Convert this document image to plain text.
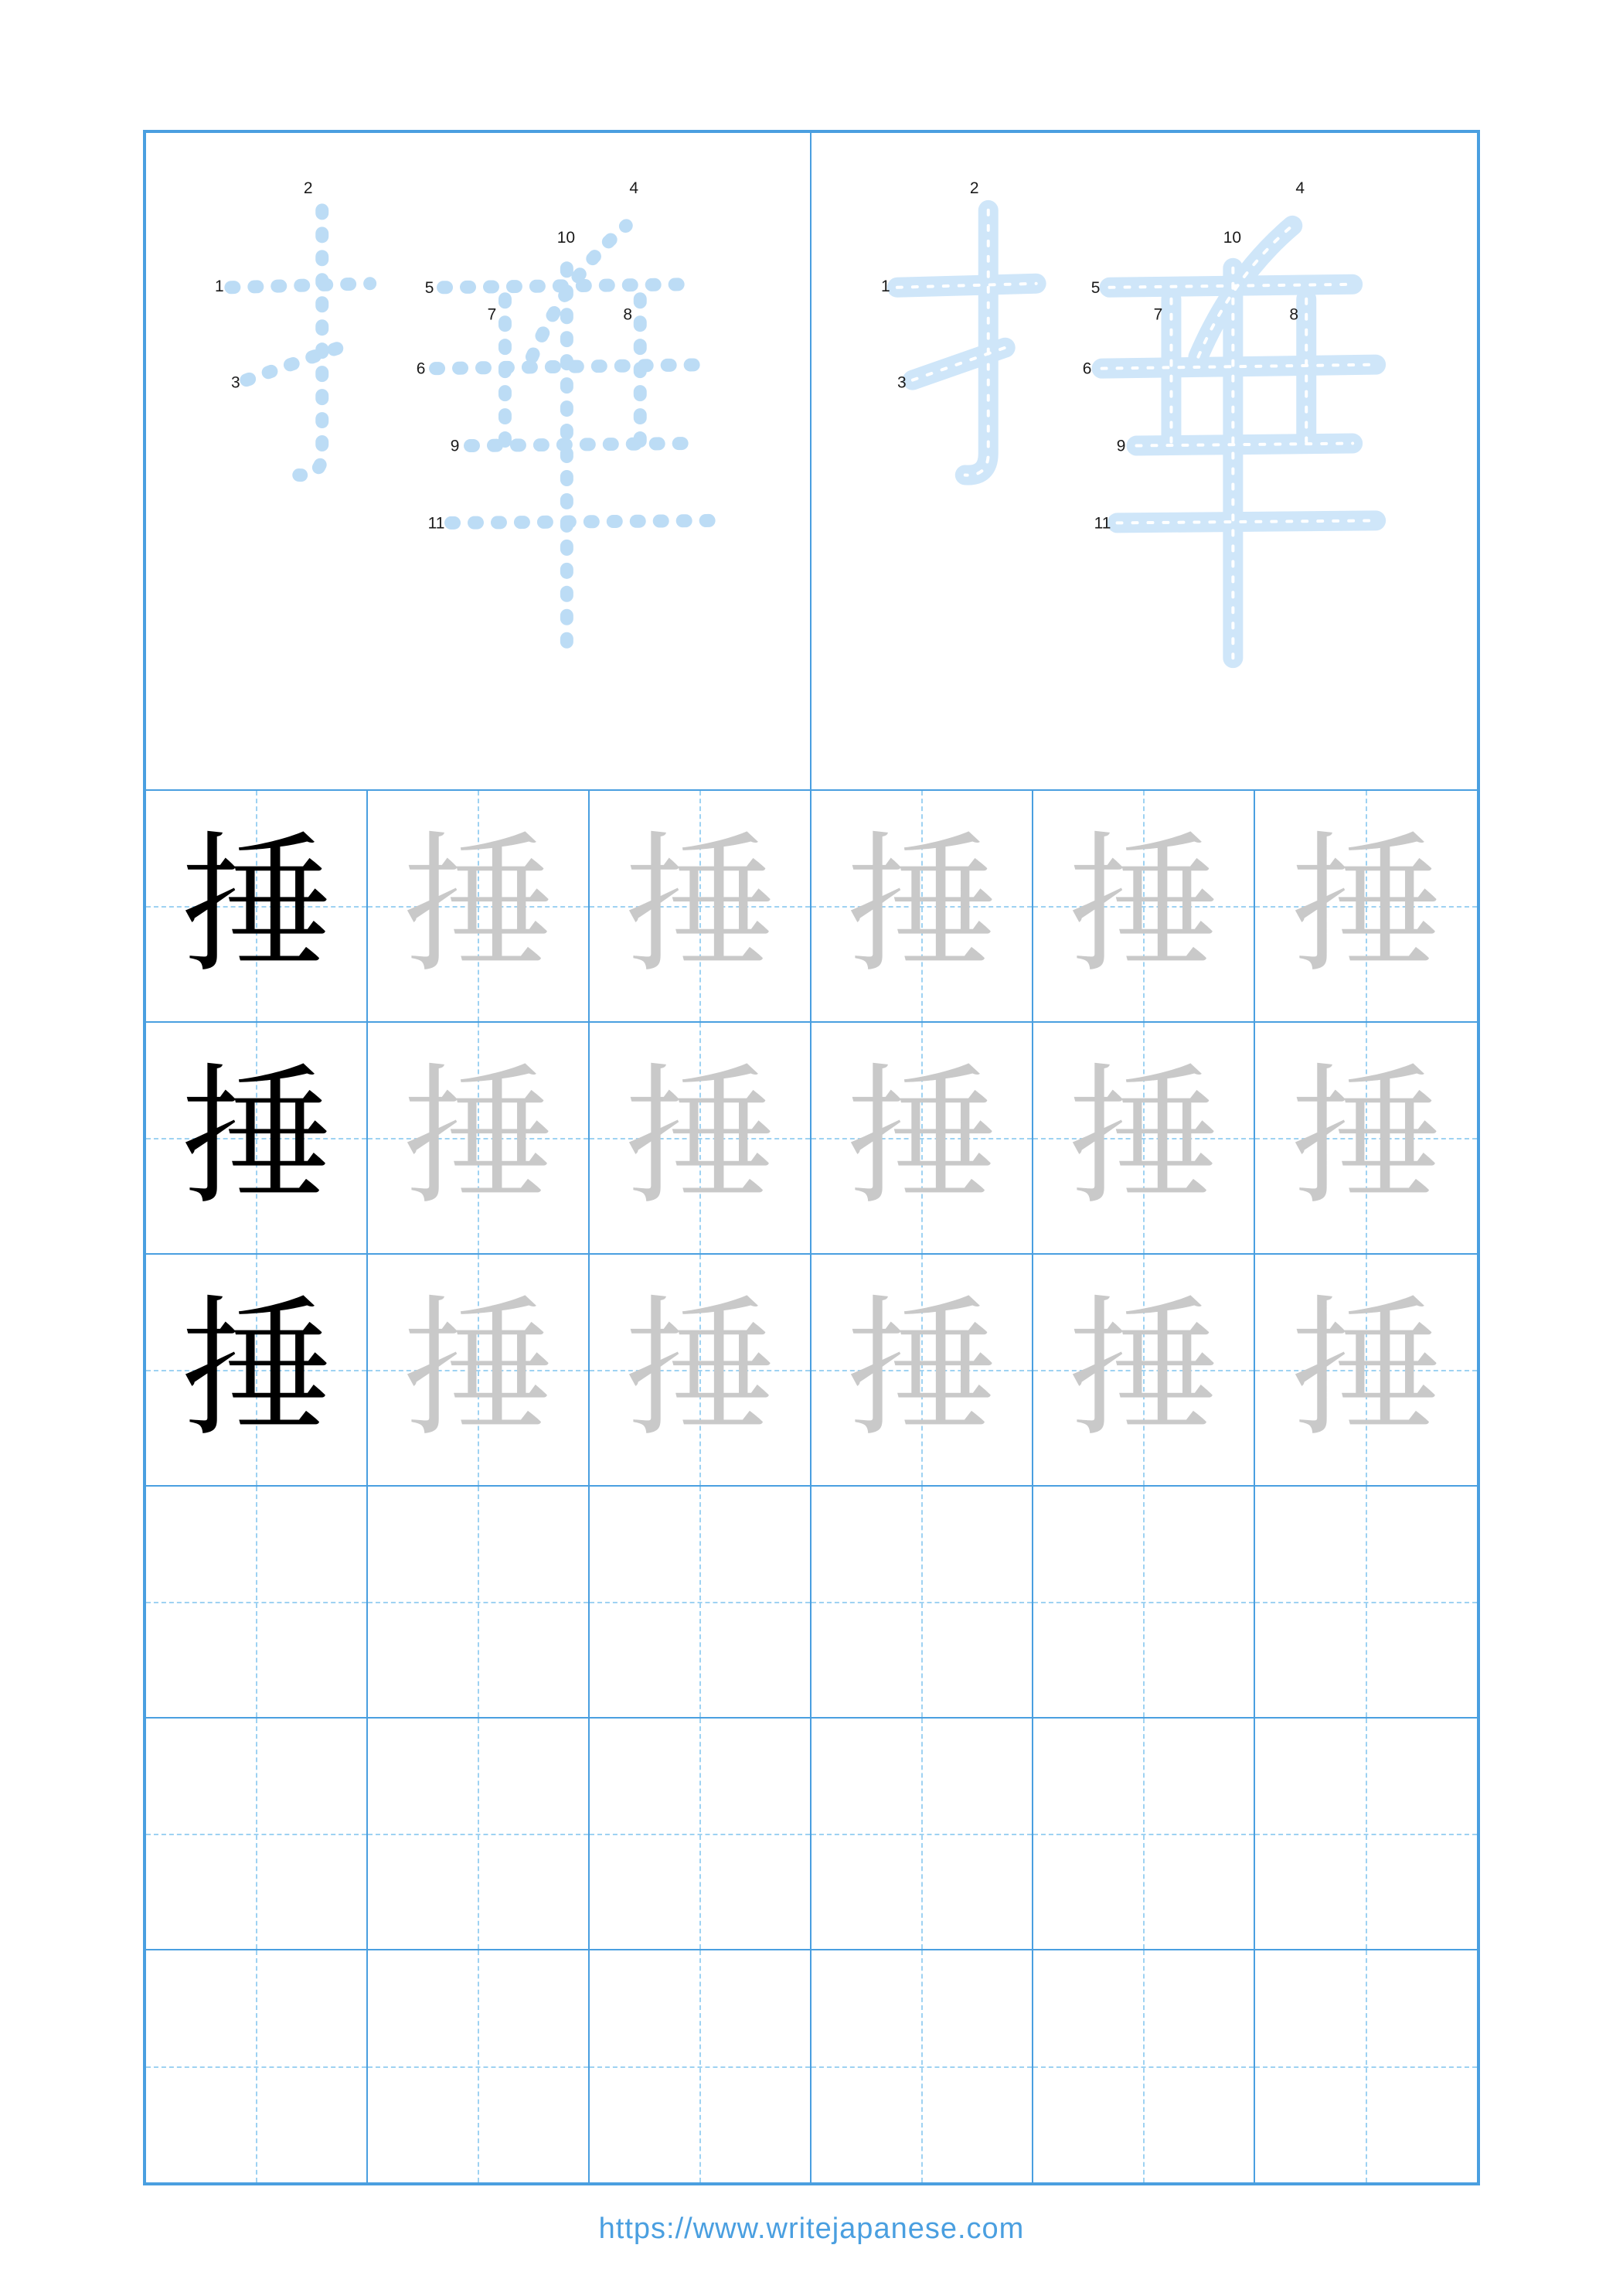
2
1
3
4
5
10
6
7	8
9
11
2
1
3
4
5
10
6
7	8
9
11
捶 捶 捶 捶 捶 捶
捶 捶 捶 捶 捶 捶
捶 捶 捶 捶 捶 捶
https://www.writejapanese.com
